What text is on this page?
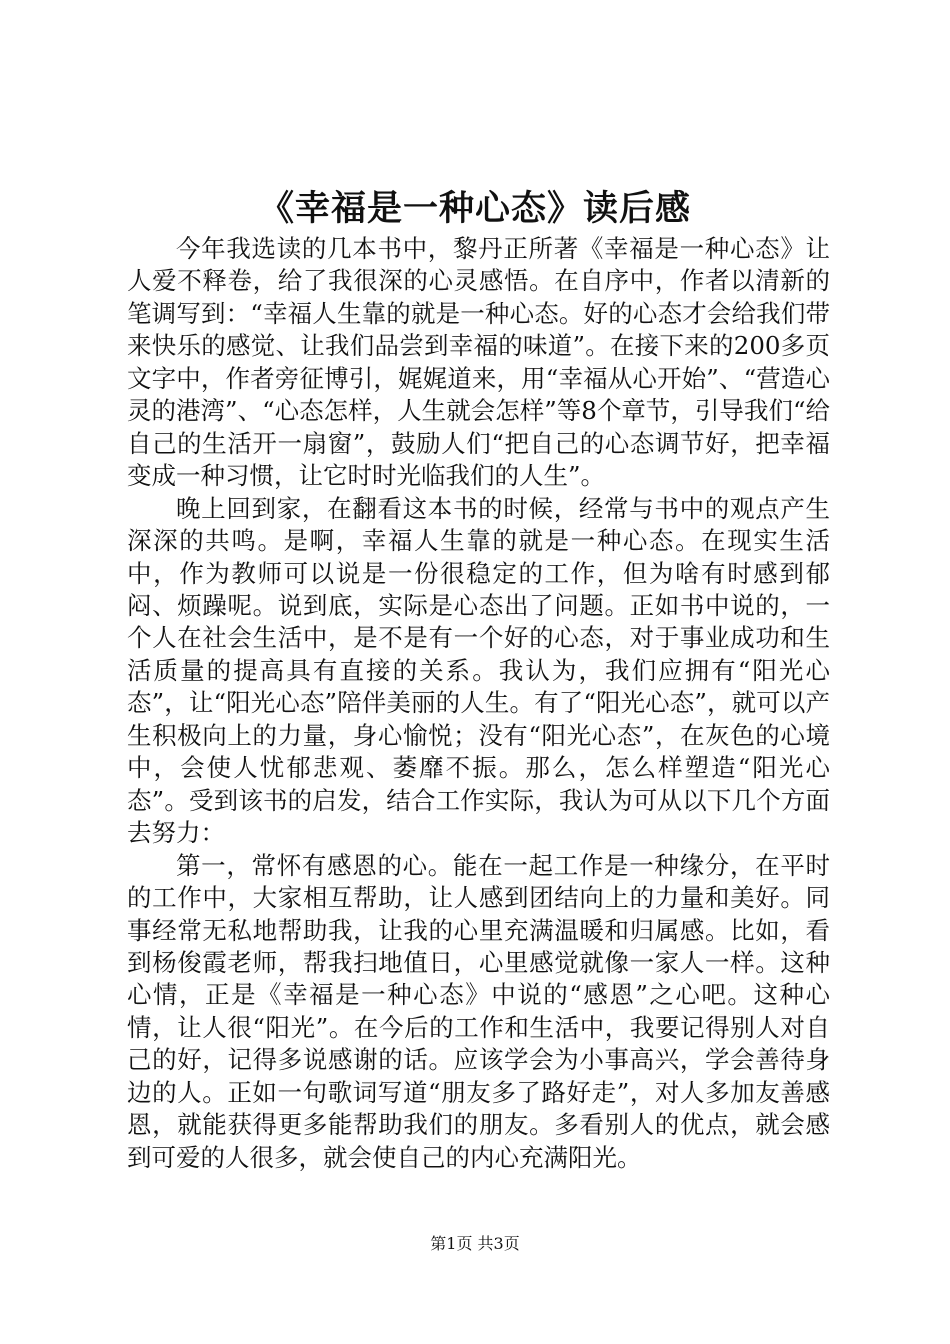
《幸福是一种心态》读后感

今年我选读的几本书中，黎丹正所著《幸福是一种心态》让人爱不释卷，给了我很深的心灵感悟。在自序中，作者以清新的笔调写到：“幸福人生靠的就是一种心态。好的心态才会给我们带来快乐的感觉、让我们品尝到幸福的味道”。在接下来的200多页文字中，作者旁征博引，娓娓道来，用“幸福从心开始”、“营造心灵的港湾”、“心态怎样，人生就会怎样”等8个章节，引导我们“给自己的生活开一扇窗”，鼓励人们“把自己的心态调节好，把幸福变成一种习惯，让它时时光临我们的人生”。

晚上回到家，在翻看这本书的时候，经常与书中的观点产生深深的共鸣。是啊，幸福人生靠的就是一种心态。在现实生活中，作为教师可以说是一份很稳定的工作，但为啥有时感到郁闷、烦躁呢。说到底，实际是心态出了问题。正如书中说的，一个人在社会生活中，是不是有一个好的心态，对于事业成功和生活质量的提高具有直接的关系。我认为，我们应拥有“阳光心态”，让“阳光心态”陪伴美丽的人生。有了“阳光心态”，就可以产生积极向上的力量，身心愉悦；没有“阳光心态”，在灰色的心境中，会使人忧郁悲观、萎靡不振。那么，怎么样塑造“阳光心态”。受到该书的启发，结合工作实际，我认为可从以下几个方面去努力：

第一，常怀有感恩的心。能在一起工作是一种缘分，在平时的工作中，大家相互帮助，让人感到团结向上的力量和美好。同事经常无私地帮助我，让我的心里充满温暖和归属感。比如，看到杨俊霞老师，帮我扫地值日，心里感觉就像一家人一样。这种心情，正是《幸福是一种心态》中说的“感恩”之心吧。这种心情，让人很“阳光”。在今后的工作和生活中，我要记得别人对自己的好，记得多说感谢的话。应该学会为小事高兴，学会善待身边的人。正如一句歌词写道“朋友多了路好走”，对人多加友善感恩，就能获得更多能帮助我们的朋友。多看别人的优点，就会感到可爱的人很多，就会使自己的内心充满阳光。

第1页 共3页
